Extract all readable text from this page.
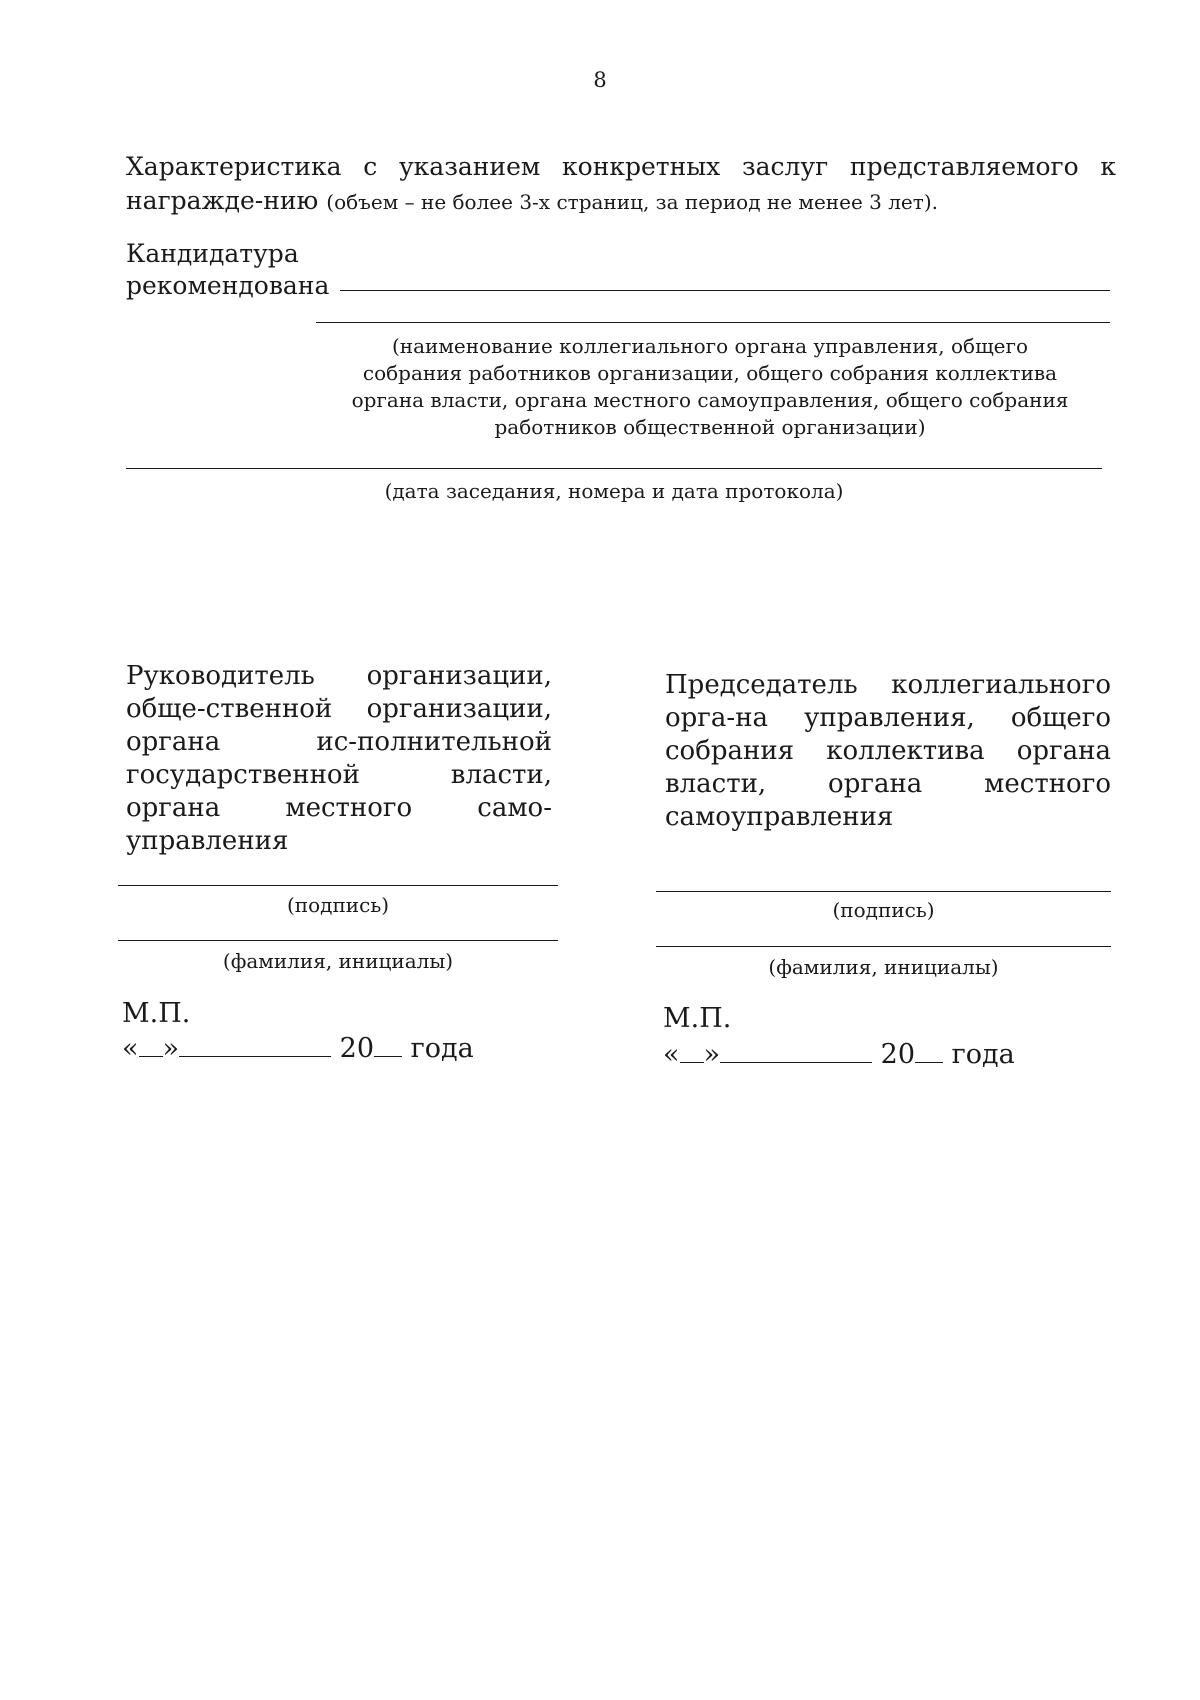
8
Характеристика с указанием конкретных заслуг представляемого к награжде-нию (объем – не более 3-х страниц, за период не менее 3 лет).
Кандидатура
рекомендована
(наименование коллегиального органа управления, общего собрания работников организации, общего собрания коллектива органа власти, органа местного самоуправления, общего собрания работников общественной организации)
(дата заседания, номера и дата протокола)
Руководитель организации, обще-ственной организации, органа ис-полнительной государственной власти, органа местного само-управления
(подпись)
(фамилия, инициалы)
М.П.
« »	20 года
Председатель коллегиального орга-на управления, общего собрания коллектива органа власти, органа местного самоуправления
(подпись)
(фамилия, инициалы)
М.П.
« »	20 года
